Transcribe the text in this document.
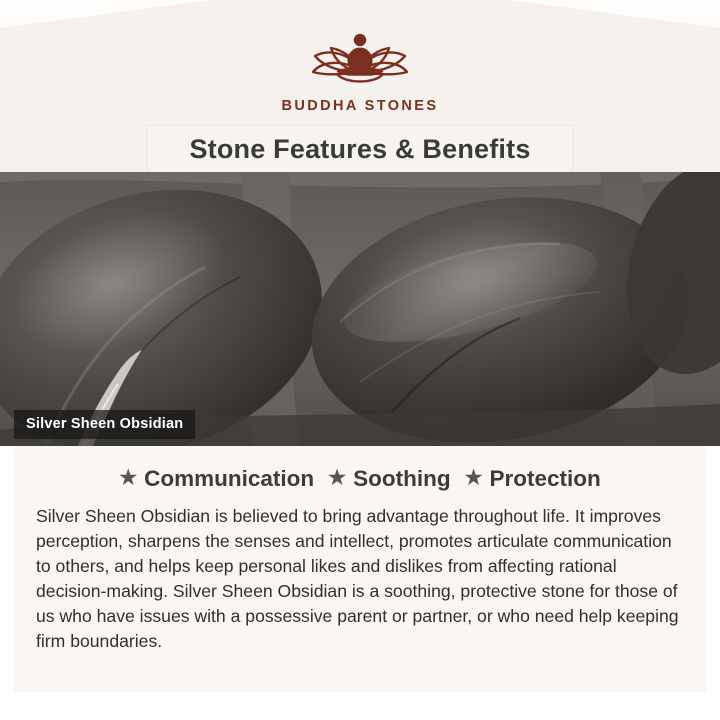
BUDDHA STONES
Stone Features & Benefits
Silver Sheen Obsidian
★ Communication ★ Soothing ★ Protection

Silver Sheen Obsidian is believed to bring advantage throughout life. It improves perception, sharpens the senses and intellect, promotes articulate communication to others, and helps keep personal likes and dislikes from affecting rational decision-making. Silver Sheen Obsidian is a soothing, protective stone for those of us who have issues with a possessive parent or partner, or who need help keeping firm boundaries.
